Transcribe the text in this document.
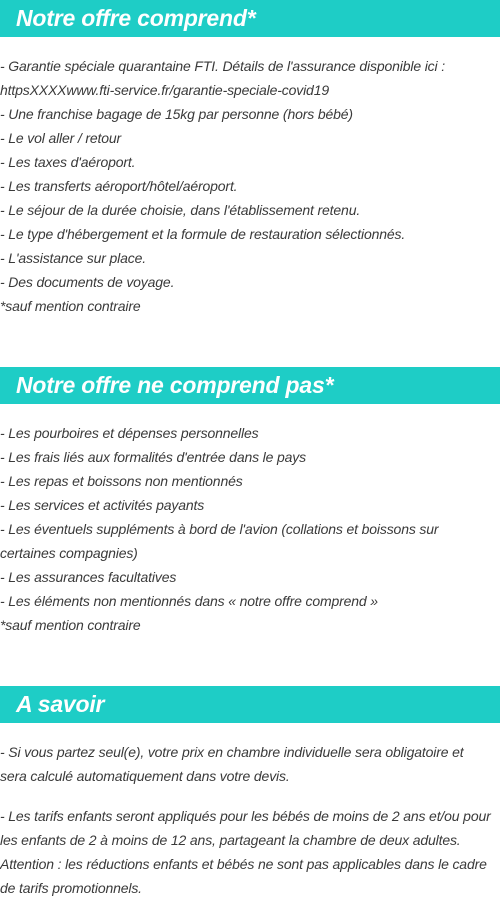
Notre offre comprend*
- Garantie spéciale quarantaine FTI. Détails de l'assurance disponible ici :
httpsXXXXwww.fti-service.fr/garantie-speciale-covid19
- Une franchise bagage de 15kg par personne (hors bébé)
- Le vol aller / retour
- Les taxes d'aéroport.
- Les transferts aéroport/hôtel/aéroport.
- Le séjour de la durée choisie, dans l'établissement retenu.
- Le type d'hébergement et la formule de restauration sélectionnés.
- L'assistance sur place.
- Des documents de voyage.
*sauf mention contraire
Notre offre ne comprend pas*
- Les pourboires et dépenses personnelles
- Les frais liés aux formalités d'entrée dans le pays
- Les repas et boissons non mentionnés
- Les services et activités payants
- Les éventuels suppléments à bord de l'avion (collations et boissons sur
certaines compagnies)
- Les assurances facultatives
- Les éléments non mentionnés dans « notre offre comprend »
*sauf mention contraire
A savoir
- Si vous partez seul(e), votre prix en chambre individuelle sera obligatoire et
sera calculé automatiquement dans votre devis.
- Les tarifs enfants seront appliqués pour les bébés de moins de 2 ans et/ou pour
les enfants de 2 à moins de 12 ans, partageant la chambre de deux adultes.
Attention : les réductions enfants et bébés ne sont pas applicables dans le cadre
de tarifs promotionnels.
